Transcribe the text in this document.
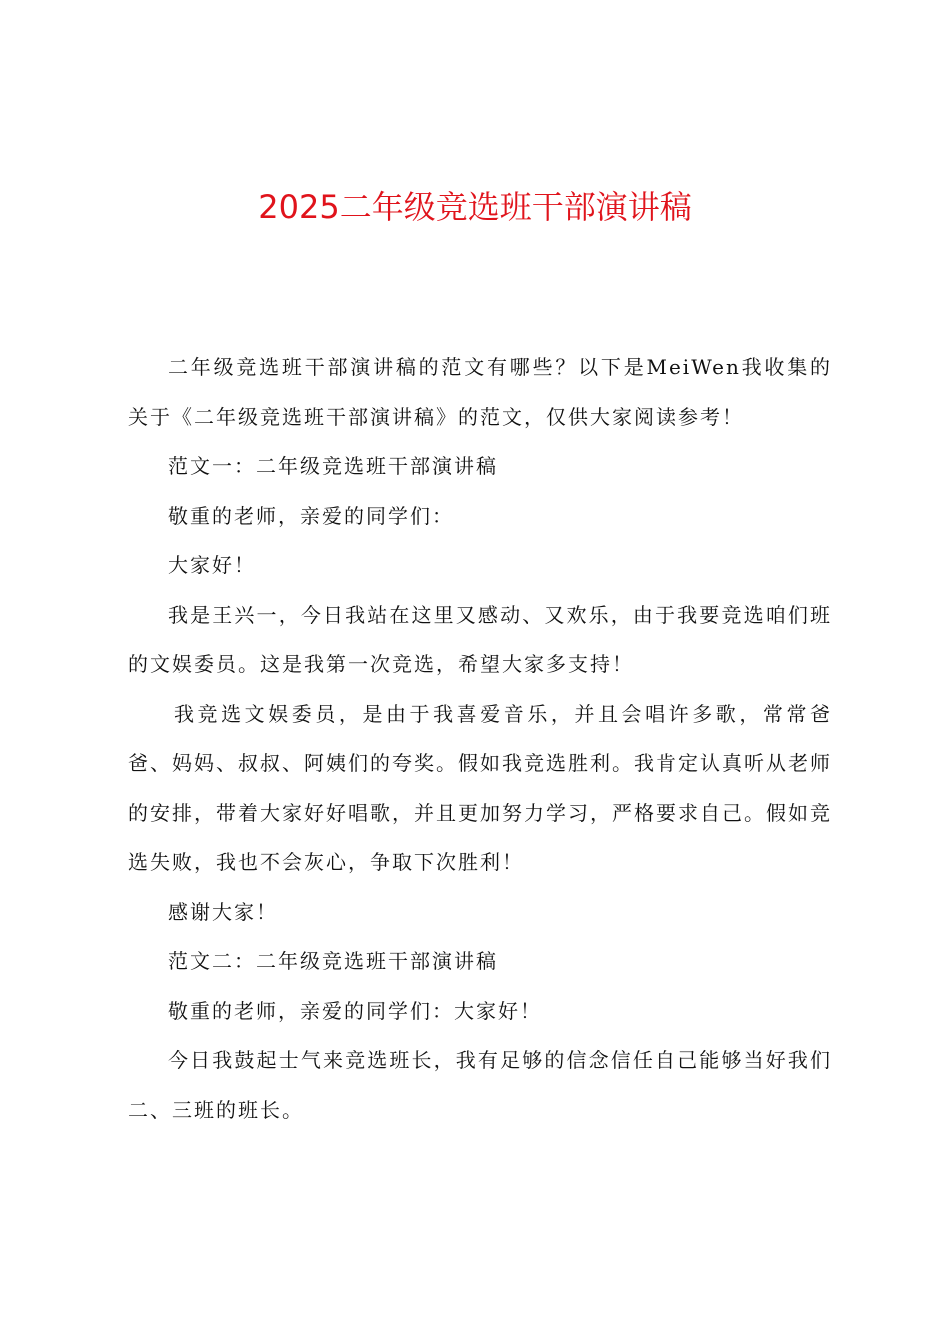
2025二年级竞选班干部演讲稿

二年级竞选班干部演讲稿的范文有哪些？以下是MeiWen我收集的关于《二年级竞选班干部演讲稿》的范文，仅供大家阅读参考！

范文一：二年级竞选班干部演讲稿

敬重的老师，亲爱的同学们：

大家好！

我是王兴一，今日我站在这里又感动、又欢乐，由于我要竞选咱们班的文娱委员。这是我第一次竞选，希望大家多支持！

我竞选文娱委员，是由于我喜爱音乐，并且会唱许多歌，常常爸爸、妈妈、叔叔、阿姨们的夸奖。假如我竞选胜利。我肯定认真听从老师的安排，带着大家好好唱歌，并且更加努力学习，严格要求自己。假如竞选失败，我也不会灰心，争取下次胜利！

感谢大家！

范文二：二年级竞选班干部演讲稿

敬重的老师，亲爱的同学们：大家好！

今日我鼓起士气来竞选班长，我有足够的信念信任自己能够当好我们二、三班的班长。
